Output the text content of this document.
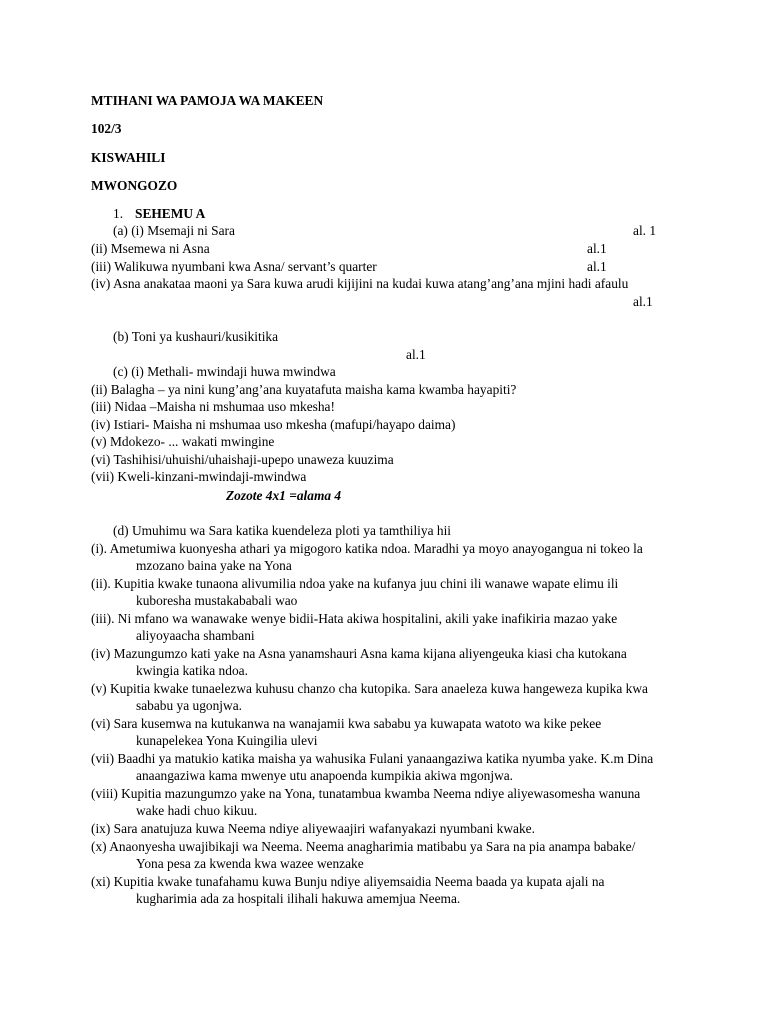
MTIHANI WA PAMOJA WA MAKEEN
102/3
KISWAHILI
MWONGOZO
1. SEHEMU A
(a) (i) Msemaji ni Sara	al. 1
(ii) Msemewa ni Asna	al.1
(iii) Walikuwa nyumbani kwa Asna/ servant’s quarter	al.1
(iv) Asna anakataa maoni ya Sara kuwa arudi kijijini na kudai kuwa atang’ang’ana mjini hadi afaulu
al.1
(b) Toni ya kushauri/kusikitika
al.1
(c) (i) Methali- mwindaji huwa mwindwa
(ii) Balagha – ya nini kung’ang’ana kuyatafuta maisha kama kwamba hayapiti?
(iii) Nidaa –Maisha ni mshumaa uso mkesha!
(iv) Istiari- Maisha ni mshumaa uso mkesha (mafupi/hayapo daima)
(v) Mdokezo- ... wakati mwingine
(vi) Tashihisi/uhuishi/uhaishaji-upepo unaweza kuuzima
(vii) Kweli-kinzani-mwindaji-mwindwa
Zozote 4x1 =alama 4
(d) Umuhimu wa Sara katika kuendeleza ploti ya tamthiliya hii
(i). Ametumiwa kuonyesha athari ya migogoro katika ndoa. Maradhi ya moyo anayogangua ni tokeo la
mzozano baina yake na Yona
(ii). Kupitia kwake tunaona alivumilia ndoa yake na kufanya juu chini ili wanawe wapate elimu ili
kuboresha mustakababali wao
(iii). Ni mfano wa wanawake wenye bidii-Hata akiwa hospitalini, akili yake inafikiria mazao yake
aliyoyaacha shambani
(iv) Mazungumzo kati yake na Asna yanamshauri Asna kama kijana aliyengeuka kiasi cha kutokana
kwingia katika ndoa.
(v) Kupitia kwake tunaelezwa kuhusu chanzo cha kutopika. Sara anaeleza kuwa hangeweza kupika kwa
sababu ya ugonjwa.
(vi) Sara kusemwa na kutukanwa na wanajamii kwa sababu ya kuwapata watoto wa kike pekee
kunapelekea Yona Kuingilia ulevi
(vii) Baadhi ya matukio katika maisha ya wahusika Fulani yanaangaziwa katika nyumba yake. K.m Dina
anaangaziwa kama mwenye utu anapoenda kumpikia akiwa mgonjwa.
(viii) Kupitia mazungumzo yake na Yona, tunatambua kwamba Neema ndiye aliyewasomesha wanuna
wake hadi chuo kikuu.
(ix) Sara anatujuza kuwa Neema ndiye aliyewaajiri wafanyakazi nyumbani kwake.
(x) Anaonyesha uwajibikaji wa Neema. Neema anagharimia matibabu ya Sara na pia anampa babake/
Yona pesa za kwenda kwa wazee wenzake
(xi) Kupitia kwake tunafahamu kuwa Bunju ndiye aliyemsaidia Neema baada ya kupata ajali na
kugharimia ada za hospitali ilihali hakuwa amemjua Neema.
